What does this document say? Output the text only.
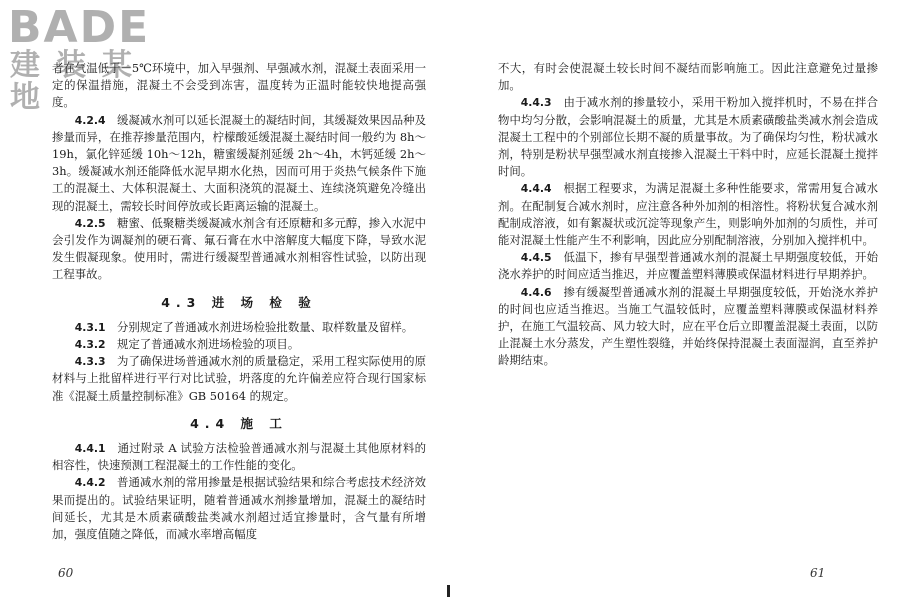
BADE
建装某地

者在气温低于－5℃环境中，加入早强剂、早强减水剂，混凝土表面采用一定的保温措施，混凝土不会受到冻害，温度转为正温时能较快地提高强度。

4.2.4　 缓凝减水剂可以延长混凝土的凝结时间，其缓凝效果因品种及掺量而异，在推荐掺量范围内，柠檬酸延缓混凝土凝结时间一般约为 8h～19h，氯化锌延缓 10h～12h，糖蜜缓凝剂延缓 2h～4h，木钙延缓 2h～3h。缓凝减水剂还能降低水泥早期水化热，因而可用于炎热气候条件下施工的混凝土、大体积混凝土、大面积浇筑的混凝土、连续浇筑避免冷缝出现的混凝土，需较长时间停放或长距离运输的混凝土。

4.2.5　 糖蜜、低聚糖类缓凝减水剂含有还原糖和多元醇，掺入水泥中会引发作为调凝剂的硬石膏、氟石膏在水中溶解度大幅度下降，导致水泥发生假凝现象。使用时，需进行缓凝型普通减水剂相容性试验，以防出现工程事故。

4.3 进 场 检 验

4.3.1　 分别规定了普通减水剂进场检验批数量、取样数量及留样。

4.3.2　 规定了普通减水剂进场检验的项目。

4.3.3　 为了确保进场普通减水剂的质量稳定，采用工程实际使用的原材料与上批留样进行平行对比试验，坍落度的允许偏差应符合现行国家标准《混凝土质量控制标准》GB 50164 的规定。

4.4 施 工

4.4.1　 通过附录 A 试验方法检验普通减水剂与混凝土其他原材料的相容性，快速预测工程混凝土的工作性能的变化。

4.4.2　 普通减水剂的常用掺量是根据试验结果和综合考虑技术经济效果而提出的。试验结果证明，随着普通减水剂掺量增加，混凝土的凝结时间延长，尤其是木质素磺酸盐类减水剂超过适宜掺量时，含气量有所增加，强度值随之降低，而减水率增高幅度

60

不大，有时会使混凝土较长时间不凝结而影响施工。因此注意避免过量掺加。

4.4.3　 由于减水剂的掺量较小，采用干粉加入搅拌机时，不易在拌合物中均匀分散，会影响混凝土的质量，尤其是木质素磺酸盐类减水剂会造成混凝土工程中的个别部位长期不凝的质量事故。为了确保均匀性，粉状减水剂，特别是粉状早强型减水剂直接掺入混凝土干料中时，应延长混凝土搅拌时间。

4.4.4　 根据工程要求，为满足混凝土多种性能要求，常需用复合减水剂。在配制复合减水剂时，应注意各种外加剂的相溶性。将粉状复合减水剂配制成溶液，如有絮凝状或沉淀等现象产生，则影响外加剂的匀质性，并可能对混凝土性能产生不利影响，因此应分别配制溶液，分别加入搅拌机中。

4.4.5　 低温下，掺有早强型普通减水剂的混凝土早期强度较低，开始浇水养护的时间应适当推迟，并应覆盖塑料薄膜或保温材料进行早期养护。

4.4.6　 掺有缓凝型普通减水剂的混凝土早期强度较低，开始浇水养护的时间也应适当推迟。当施工气温较低时，应覆盖塑料薄膜或保温材料养护，在施工气温较高、风力较大时，应在平仓后立即覆盖混凝土表面，以防止混凝土水分蒸发，产生塑性裂缝，并始终保持混凝土表面湿润，直至养护龄期结束。

61
